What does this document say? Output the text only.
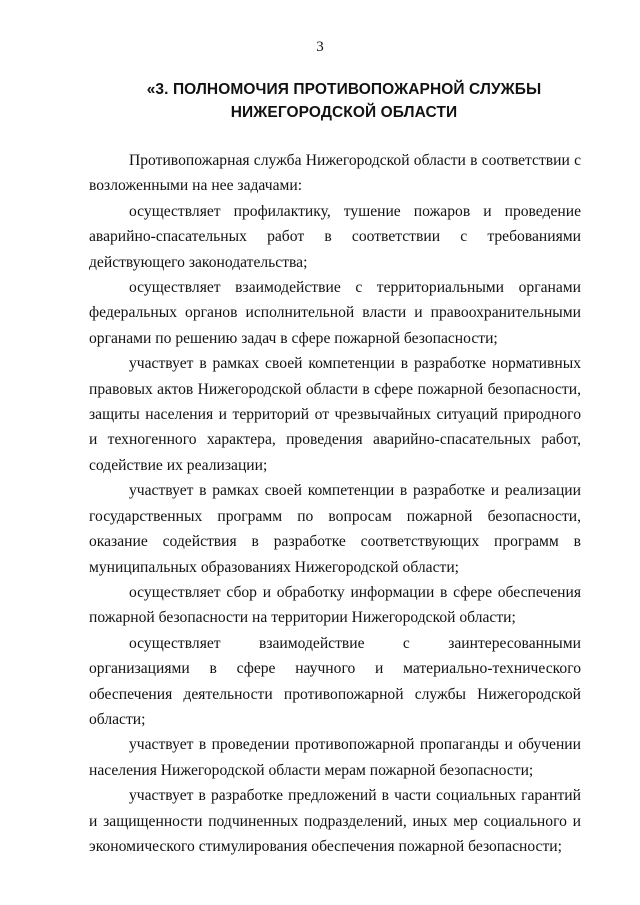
3
«3. ПОЛНОМОЧИЯ ПРОТИВОПОЖАРНОЙ СЛУЖБЫ
НИЖЕГОРОДСКОЙ ОБЛАСТИ

Противопожарная служба Нижегородской области в соответствии с возложенными на нее задачами:

осуществляет профилактику, тушение пожаров и проведение аварийно-спасательных работ в соответствии с требованиями действующего законодательства;

осуществляет взаимодействие с территориальными органами федеральных органов исполнительной власти и правоохранительными органами по решению задач в сфере пожарной безопасности;

участвует в рамках своей компетенции в разработке нормативных правовых актов Нижегородской области в сфере пожарной безопасности, защиты населения и территорий от чрезвычайных ситуаций природного и техногенного характера, проведения аварийно-спасательных работ, содействие их реализации;

участвует в рамках своей компетенции в разработке и реализации государственных программ по вопросам пожарной безопасности, оказание содействия в разработке соответствующих программ в муниципальных образованиях Нижегородской области;

осуществляет сбор и обработку информации в сфере обеспечения пожарной безопасности на территории Нижегородской области;

осуществляет взаимодействие с заинтересованными организациями в сфере научного и материально-технического обеспечения деятельности противопожарной службы Нижегородской области;

участвует в проведении противопожарной пропаганды и обучении населения Нижегородской области мерам пожарной безопасности;

участвует в разработке предложений в части социальных гарантий и защищенности подчиненных подразделений, иных мер социального и экономического стимулирования обеспечения пожарной безопасности;
